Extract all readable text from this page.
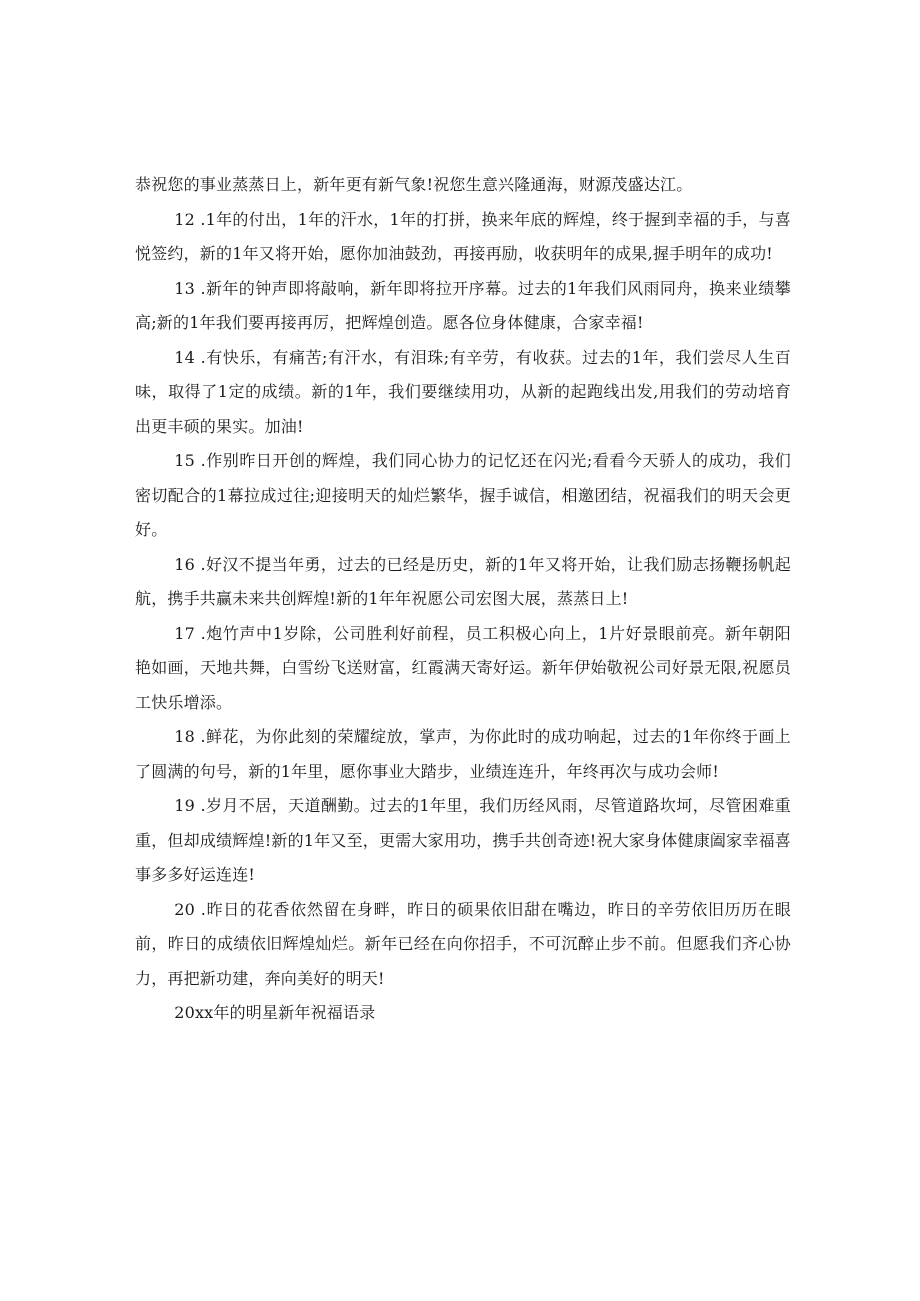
恭祝您的事业蒸蒸日上，新年更有新气象!祝您生意兴隆通海，财源茂盛达江。

12 .1年的付出，1年的汗水，1年的打拼，换来年底的辉煌，终于握到幸福的手，与喜悦签约，新的1年又将开始，愿你加油鼓劲，再接再励，收获明年的成果,握手明年的成功!

13 .新年的钟声即将敲响，新年即将拉开序幕。过去的1年我们风雨同舟，换来业绩攀高;新的1年我们要再接再厉，把辉煌创造。愿各位身体健康，合家幸福!

14 .有快乐，有痛苦;有汗水，有泪珠;有辛劳，有收获。过去的1年，我们尝尽人生百味，取得了1定的成绩。新的1年，我们要继续用功，从新的起跑线出发,用我们的劳动培育出更丰硕的果实。加油!

15 .作别昨日开创的辉煌，我们同心协力的记忆还在闪光;看看今天骄人的成功，我们密切配合的1幕拉成过往;迎接明天的灿烂繁华，握手诚信，相邀团结，祝福我们的明天会更好。

16 .好汉不提当年勇，过去的已经是历史，新的1年又将开始，让我们励志扬鞭扬帆起航，携手共赢未来共创辉煌!新的1年年祝愿公司宏图大展，蒸蒸日上!

17 .炮竹声中1岁除，公司胜利好前程，员工积极心向上，1片好景眼前亮。新年朝阳艳如画，天地共舞，白雪纷飞送财富，红霞满天寄好运。新年伊始敬祝公司好景无限,祝愿员工快乐增添。

18 .鲜花，为你此刻的荣耀绽放，掌声，为你此时的成功响起，过去的1年你终于画上了圆满的句号，新的1年里，愿你事业大踏步，业绩连连升，年终再次与成功会师!

19 .岁月不居，天道酬勤。过去的1年里，我们历经风雨，尽管道路坎坷，尽管困难重重，但却成绩辉煌!新的1年又至，更需大家用功，携手共创奇迹!祝大家身体健康阖家幸福喜事多多好运连连!

20 .昨日的花香依然留在身畔，昨日的硕果依旧甜在嘴边，昨日的辛劳依旧历历在眼前，昨日的成绩依旧辉煌灿烂。新年已经在向你招手，不可沉醉止步不前。但愿我们齐心协力，再把新功建，奔向美好的明天!

20xx年的明星新年祝福语录
